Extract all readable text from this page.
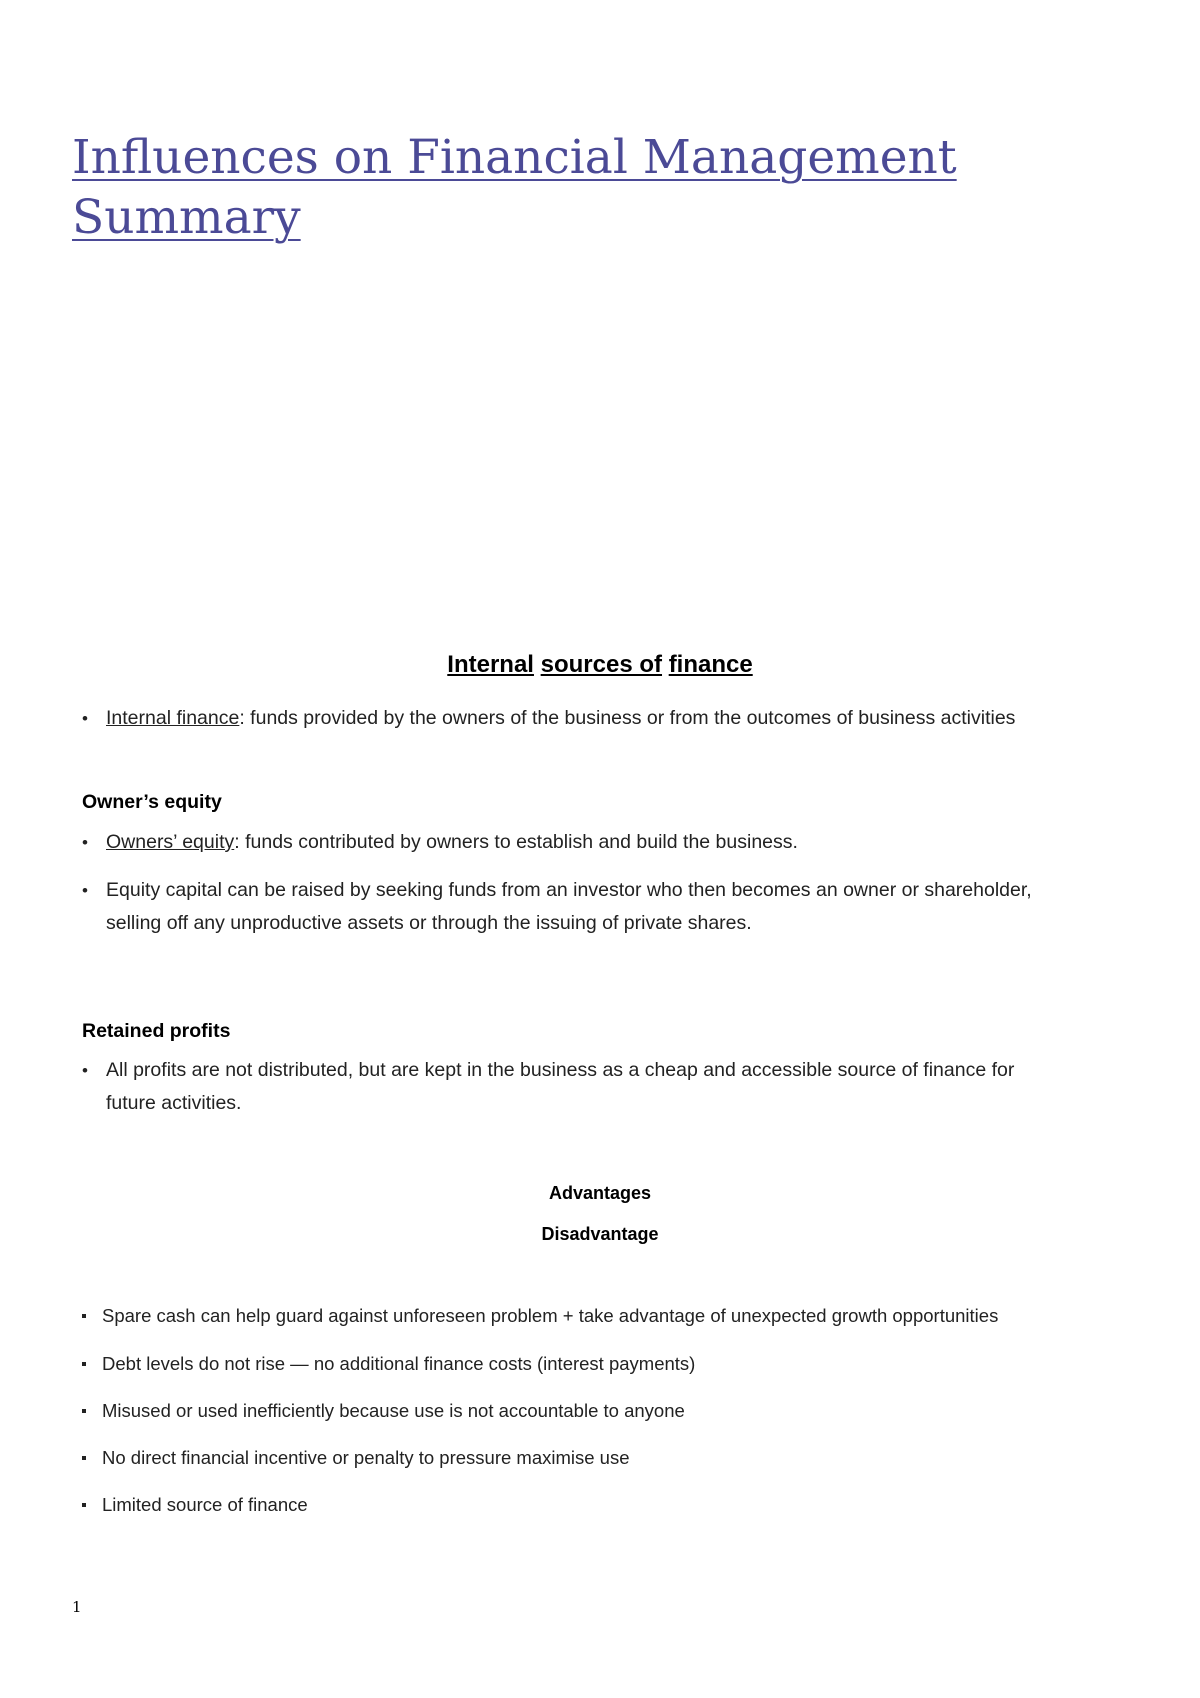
Influences on Financial Management
Summary
Internal sources of finance
• Internal finance: funds provided by the owners of the business or from the outcomes of business activities
Owner’s equity
• Owners’ equity: funds contributed by owners to establish and build the business.
• Equity capital can be raised by seeking funds from an investor who then becomes an owner or shareholder, selling off any unproductive assets or through the issuing of private shares.
Retained profits
• All profits are not distributed, but are kept in the business as a cheap and accessible source of finance for future activities.
Advantages
Disadvantage
Spare cash can help guard against unforeseen problem + take advantage of unexpected growth opportunities
Debt levels do not rise — no additional finance costs (interest payments)
Misused or used inefficiently because use is not accountable to anyone
No direct financial incentive or penalty to pressure maximise use
Limited source of finance
1
